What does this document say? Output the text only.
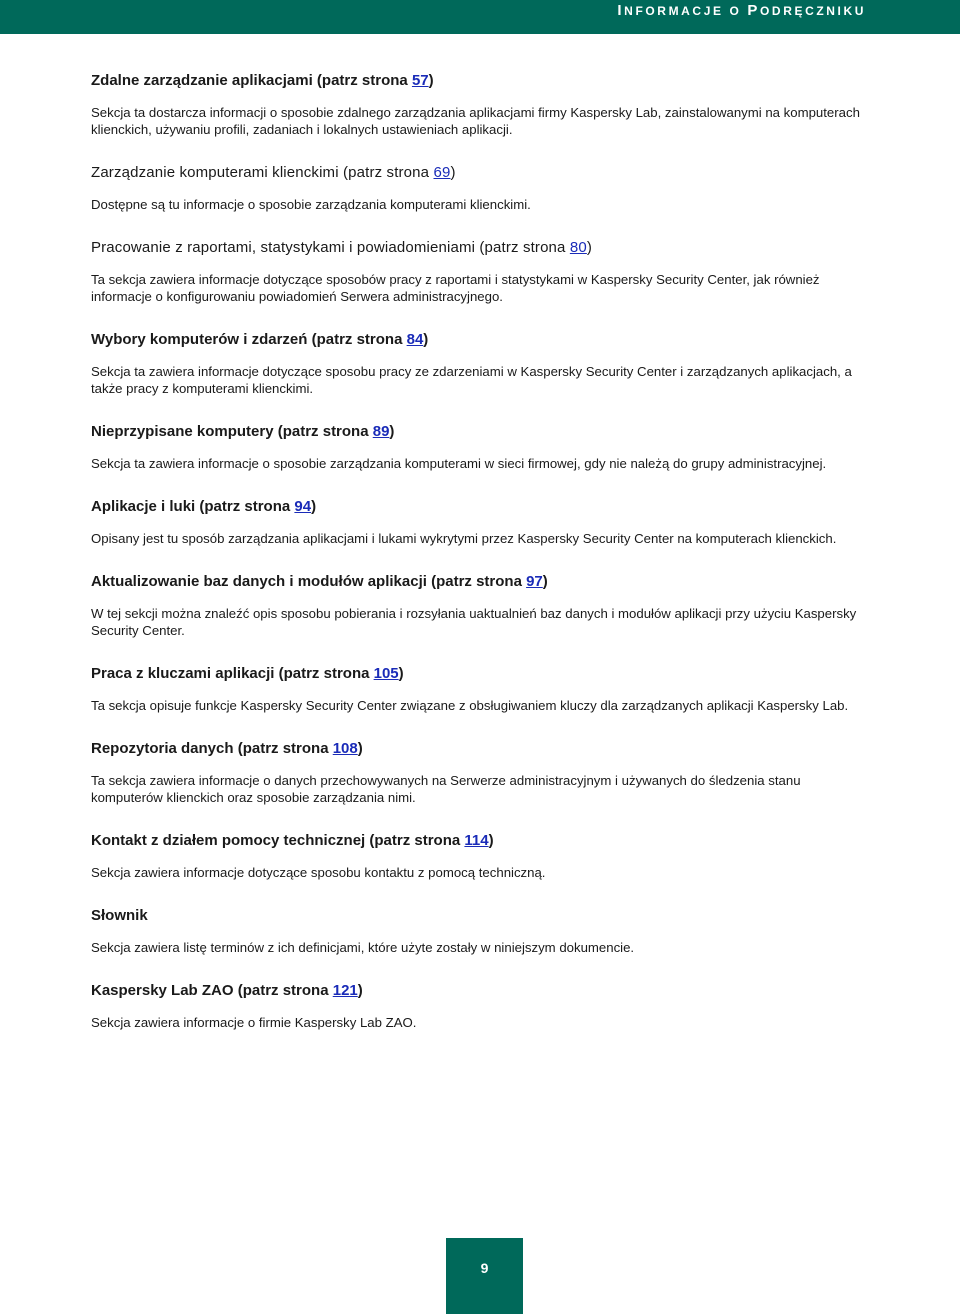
INFORMACJE O PODRĘCZNIKU
Zdalne zarządzanie aplikacjami (patrz strona 57)
Sekcja ta dostarcza informacji o sposobie zdalnego zarządzania aplikacjami firmy Kaspersky Lab, zainstalowanymi na komputerach klienckich, używaniu profili, zadaniach i lokalnych ustawieniach aplikacji.
Zarządzanie komputerami klienckimi (patrz strona 69)
Dostępne są tu informacje o sposobie zarządzania komputerami klienckimi.
Pracowanie z raportami, statystykami i powiadomieniami (patrz strona 80)
Ta sekcja zawiera informacje dotyczące sposobów pracy z raportami i statystykami w Kaspersky Security Center, jak również informacje o konfigurowaniu powiadomień Serwera administracyjnego.
Wybory komputerów i zdarzeń (patrz strona 84)
Sekcja ta zawiera informacje dotyczące sposobu pracy ze zdarzeniami w Kaspersky Security Center i zarządzanych aplikacjach, a także pracy z komputerami klienckimi.
Nieprzypisane komputery (patrz strona 89)
Sekcja ta zawiera informacje o sposobie zarządzania komputerami w sieci firmowej, gdy nie należą do grupy administracyjnej.
Aplikacje i luki (patrz strona 94)
Opisany jest tu sposób zarządzania aplikacjami i lukami wykrytymi przez Kaspersky Security Center na komputerach klienckich.
Aktualizowanie baz danych i modułów aplikacji (patrz strona 97)
W tej sekcji można znaleźć opis sposobu pobierania i rozsyłania uaktualnień baz danych i modułów aplikacji przy użyciu Kaspersky Security Center.
Praca z kluczami aplikacji (patrz strona 105)
Ta sekcja opisuje funkcje Kaspersky Security Center związane z obsługiwaniem kluczy dla zarządzanych aplikacji Kaspersky Lab.
Repozytoria danych (patrz strona 108)
Ta sekcja zawiera informacje o danych przechowywanych na Serwerze administracyjnym i używanych do śledzenia stanu komputerów klienckich oraz sposobie zarządzania nimi.
Kontakt z działem pomocy technicznej (patrz strona 114)
Sekcja zawiera informacje dotyczące sposobu kontaktu z pomocą techniczną.
Słownik
Sekcja zawiera listę terminów z ich definicjami, które użyte zostały w niniejszym dokumencie.
Kaspersky Lab ZAO (patrz strona 121)
Sekcja zawiera informacje o firmie Kaspersky Lab ZAO.
9
